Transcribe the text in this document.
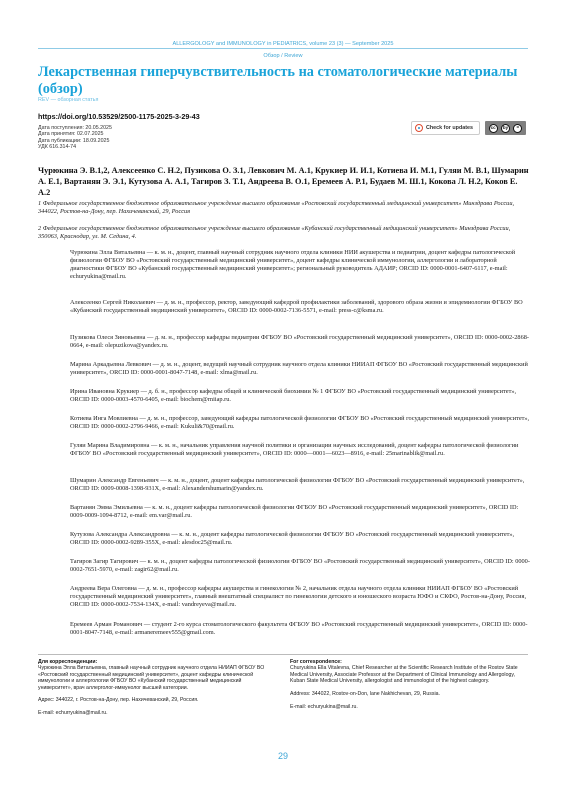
ALLERGOLOGY and IMMUNOLOGY in PEDIATRICS, volume 23 (3) — September 2025
Обзор / Review
Лекарственная гиперчувствительность на стоматологические материалы (обзор)
REV — обзорная статья
https://doi.org/10.53529/2500-1175-2025-3-29-43
Дата поступления: 20.05.2025
Дата принятия: 02.07.2025
Дата публикации: 18.09.2025
УДК 616.314-74
Check for updates	cc	by	=

Чурюкина Э. В.1,2, Алексеенко С. Н.2, Пузикова О. З.1, Левкович М. А.1, Крукиер И. И.1, Котиева И. М.1, Гуляи М. В.1, Шумарин А. Е.1, Вартанян Э. Э.1, Кутузова А. А.1, Тагиров З. Т.1, Андреева В. О.1, Еремеев А. Р.1, Будаев М. Ш.1, Кокова Л. Н.2, Коков Е. А.2

1 Федеральное государственное бюджетное образовательное учреждение высшего образования «Ростовский государственный медицинский университет» Минздрава России, 344022, Ростов-на-Дону, пер. Нахичеванский, 29, Россия
2 Федеральное государственное бюджетное образовательное учреждение высшего образования «Кубанский государственный медицинский университет» Минздрава России, 350063, Краснодар, ул. М. Седина, 4.

Чурюкина Элла Витальевна — к. м. н., доцент, главный научный сотрудник научного отдела клиники НИИ акушерства и педиатрии, доцент кафедры патологической физиологии ФГБОУ ВО «Ростовский государственный медицинский университет», доцент кафедры клинической иммунологии, аллергологии и лабораторной диагностики ФГБОУ ВО «Кубанский государственный медицинский университет»; региональный руководитель АДАИР; ORCID ID: 0000-0001-6407-6117, e-mail: echuryukina@mail.ru.

Алексеенко Сергей Николаевич — д. м. н., профессор, ректор, заведующий кафедрой профилактики заболеваний, здорового образа жизни и эпидемиологии ФГБОУ ВО «Кубанский государственный медицинский университет», ORCID ID: 0000-0002-7136-5571, e-mail: press-c@ksma.ru.

Пузикова Олеся Зиновьевна — д. м. н., профессор кафедры педиатрии ФГБОУ ВО «Ростовский государственный медицинский университет», ORCID ID: 0000-0002-2868-0664, e-mail: olepuzikova@yandex.ru.

Марина Аркадьевна Левкович — д. м. н., доцент, ведущий научный сотрудник научного отдела клиники НИИАП ФГБОУ ВО «Ростовский государственный медицинский университет», ORCID ID: 0000-0001-8047-7148, e-mail: xlma@mail.ru.

Ирина Ивановна Крукиер — д. б. н., профессор кафедры общей и клинической биохимии № 1 ФГБОУ ВО «Ростовский государственный медицинский университет», ORCID ID: 0000-0003-4570-6405, e-mail: biochem@rniiap.ru.

Котиева Инга Мовлиевна — д. м. н., профессор, заведующий кафедры патологической физиологии ФГБОУ ВО «Ростовский государственный медицинский университет», ORCID ID: 0000-0002-2796-9466, e-mail: Kukuli&70@mail.ru.

Гуляи Марина Владимировна — к. м. н., начальник управления научной политики и организации научных исследований, доцент кафедры патологической физиологии ФГБОУ ВО «Ростовский государственный медицинский университет», ORCID ID: 0000—0001—6023—8916, e-mail: 25marinablik@mail.ru.

Шумарин Александр Евгеньевич — к. м. н., доцент, доцент кафедры патологической физиологии ФГБОУ ВО «Ростовский государственный медицинский университет», ORCID ID: 0009-0008-1398-931X, e-mail: Alexandershumarin@yandex.ru.

Вартанян Эмма Эмильевна — к. м. н., доцент кафедры патологической физиологии ФГБОУ ВО «Ростовский государственный медицинский университет», ORCID ID: 0009-0009-1094-8712, e-mail: em.var@mail.ru.

Кутузова Александра Александровна — к. м. н., доцент кафедры патологической физиологии ФГБОУ ВО «Ростовский государственный медицинский университет», ORCID ID: 0000-0002-9289-355X, e-mail: alesdoc25@mail.ru.

Тагиров Загир Тагирович — к. м. н., доцент кафедры патологической физиологии ФГБОУ ВО «Ростовский государственный медицинский университет», ORCID ID: 0000-0002-7651-5970, e-mail: zagir62@mail.ru.

Андреева Вера Олеговна — д. м. н., профессор кафедры акушерства и гинекологии № 2, начальник отдела научного отдела клиники НИИАП ФГБОУ ВО «Ростовский государственный медицинский университет», главный внештатный специалист по гинекологии детского и юношеского возраста ЮФО и СКФО, Ростов-на-Дону, Россия, ORCID ID: 0000-0002-7534-134X, e-mail: vandreyeva@mail.ru.

Еремеев Арман Романович — студент 2-го курса стоматологического факультета ФГБОУ ВО «Ростовский государственный медицинский университет», ORCID ID: 0000-0001-8047-7148, e-mail: armaneremeev555@gmail.com.

Для корреспонденции:
Чурюкина Элла Витальевна, главный научный сотрудник научного отдела НИИАП ФГБОУ ВО «Ростовский государственный медицинский университет», доцент кафедры клинической иммунологии и аллергологии ФГБОУ ВО «Кубанский государственный медицинский университет», врач аллерголог-иммунолог высшей категории.
Адрес: 344022, г. Ростов-на-Дону, пер. Нахичеванский, 29, Россия.
E-mail: echurryukina@mail.ru.
For correspondence:
Churyukina Ella Vitalevna, Chief Researcher at the Scientific Research Institute of the Rostov State Medical University, Associate Professor at the Department of Clinical Immunology and Allergology, Kuban State Medical University, allergologist and immunologist of the highest category.
Address: 344022, Rostov-on-Don, lane Nakhichevan, 29, Russia.
E-mail: echuryukina@mail.ru.
29
